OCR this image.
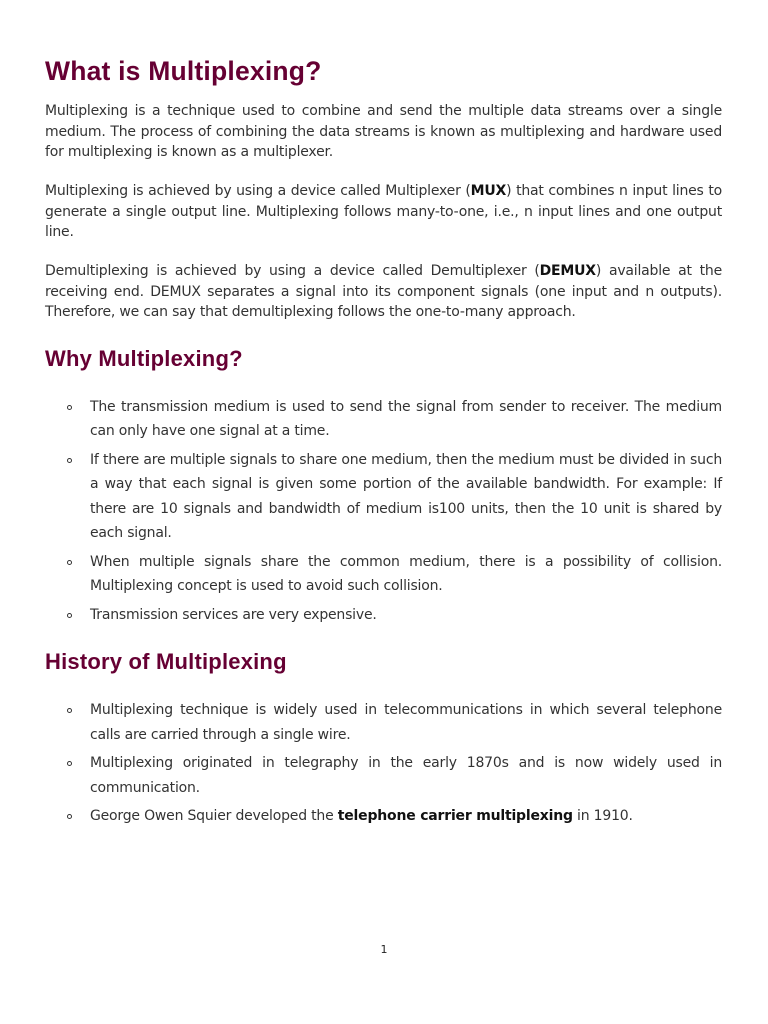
What is Multiplexing?

Multiplexing is a technique used to combine and send the multiple data streams over a single medium. The process of combining the data streams is known as multiplexing and hardware used for multiplexing is known as a multiplexer.

Multiplexing is achieved by using a device called Multiplexer (MUX) that combines n input lines to generate a single output line. Multiplexing follows many-to-one, i.e., n input lines and one output line.

Demultiplexing is achieved by using a device called Demultiplexer (DEMUX) available at the receiving end. DEMUX separates a signal into its component signals (one input and n outputs). Therefore, we can say that demultiplexing follows the one-to-many approach.

Why Multiplexing?
The transmission medium is used to send the signal from sender to receiver. The medium can only have one signal at a time.
If there are multiple signals to share one medium, then the medium must be divided in such a way that each signal is given some portion of the available bandwidth. For example: If there are 10 signals and bandwidth of medium is100 units, then the 10 unit is shared by each signal.
When multiple signals share the common medium, there is a possibility of collision. Multiplexing concept is used to avoid such collision.
Transmission services are very expensive.
History of Multiplexing
Multiplexing technique is widely used in telecommunications in which several telephone calls are carried through a single wire.
Multiplexing originated in telegraphy in the early 1870s and is now widely used in communication.
George Owen Squier developed the telephone carrier multiplexing in 1910.
1
